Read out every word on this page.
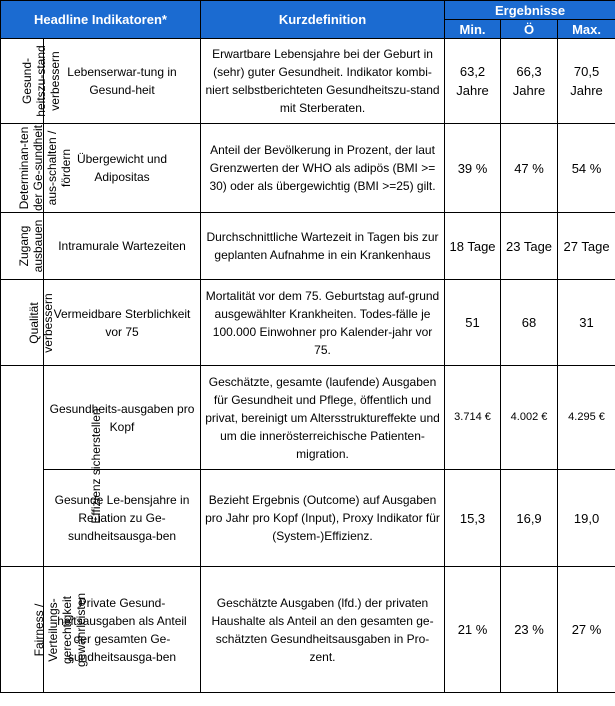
Headline Indikatoren*		Kurzdefinition	Ergebnisse		
			Min.	Ö	Max.
Gesund-heitszu-stand verbessern	Lebenserwar-tung in Gesund-heit	Erwartbare Lebensjahre bei der Geburt in (sehr) guter Gesundheit. Indikator kombi-niert selbstberichteten Gesundheitszu-stand mit Sterberaten.	63,2 Jahre	66,3 Jahre	70,5 Jahre
Determinan-ten der Ge-sundheit aus-schalten / fördern	Übergewicht und Adipositas	Anteil der Bevölkerung in Prozent, der laut Grenzwerten der WHO als adipös (BMI >= 30) oder als übergewichtig (BMI >=25) gilt.	39 %	47 %	54 %
Zugang ausbauen	Intramurale Wartezeiten	Durchschnittliche Wartezeit in Tagen bis zur geplanten Aufnahme in ein Krankenhaus	18 Tage	23 Tage	27 Tage
Qualität verbessern	Vermeidbare Sterblichkeit vor 75	Mortalität vor dem 75. Geburtstag auf-grund ausgewählter Krankheiten. Todes-fälle je 100.000 Einwohner pro Kalender-jahr vor 75.	51	68	31
Effizienz sicherstellen	Gesundheits-ausgaben pro Kopf	Geschätzte, gesamte (laufende) Ausgaben für Gesundheit und Pflege, öffentlich und privat, bereinigt um Altersstruktureffekte und um die innerösterreichische Patienten-migration.	3.714 €	4.002 €	4.295 €
	Gesunde Le-bensjahre in Re-lation zu Ge-sundheitsausga-ben	Bezieht Ergebnis (Outcome) auf Ausgaben pro Jahr pro Kopf (Input), Proxy Indikator für (System-)Effizienz.	15,3	16,9	19,0
Fairness / Verteilungs-gerechtigkeit gewährleisten	Private Gesund-heitsausgaben als Anteil der gesamten Ge-sundheitsausga-ben	Geschätzte Ausgaben (lfd.) der privaten Haushalte als Anteil an den gesamten ge-schätzten Gesundheitsausgaben in Pro-zent.	21 %	23 %	27 %
